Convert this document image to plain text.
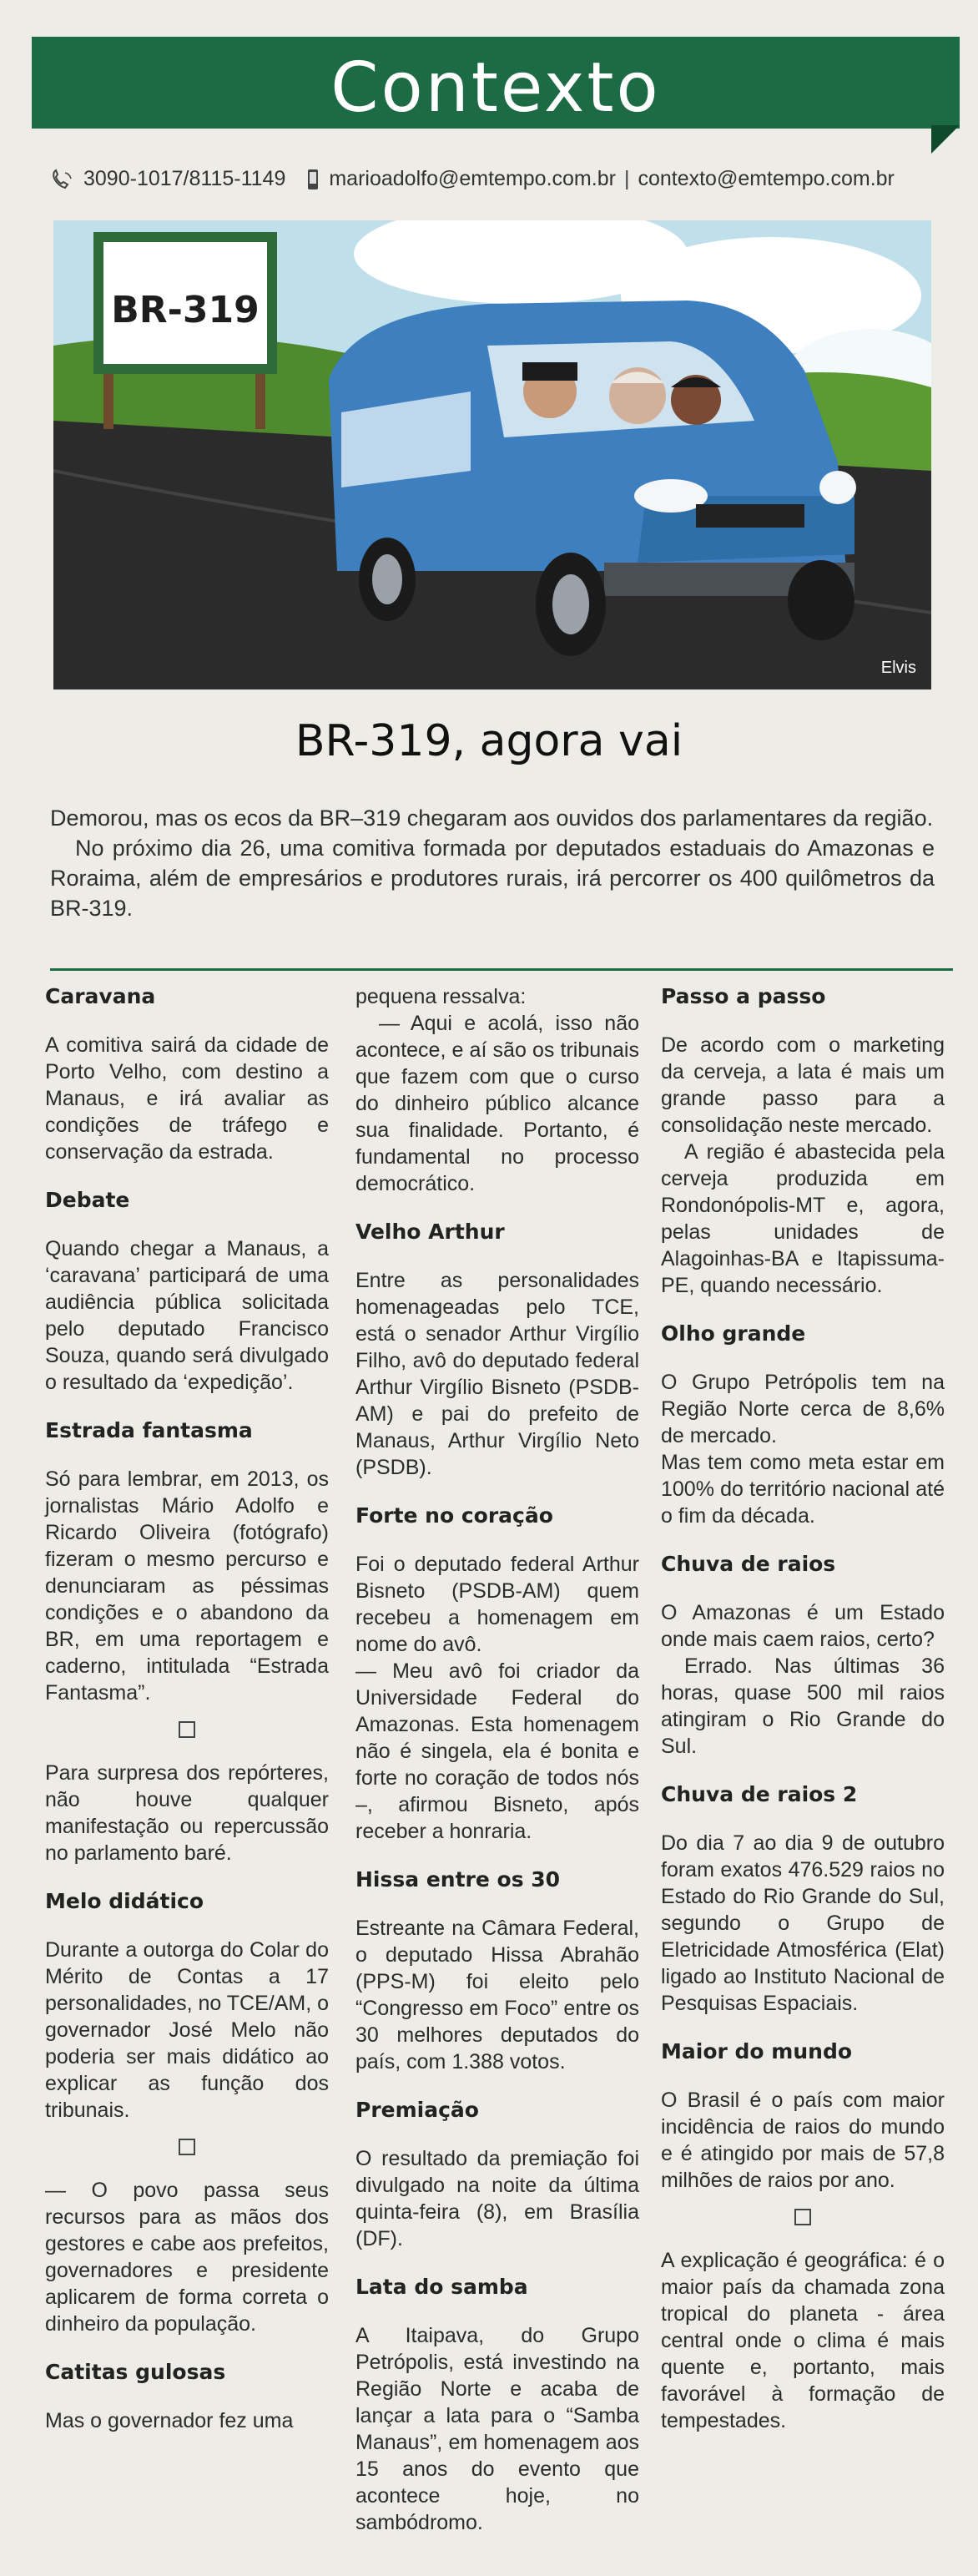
Contexto
3090-1017/8115-1149 marioadolfo@emtempo.com.br | contexto@emtempo.com.br
BR-319
Elvis
BR-319, agora vai

Demorou, mas os ecos da BR–319 chegaram aos ouvidos dos parlamentares da região.

No próximo dia 26, uma comitiva formada por deputados estaduais do Amazonas e Roraima, além de empresários e produtores rurais, irá percorrer os 400 quilômetros da BR-319.

Caravana

A comitiva sairá da cidade de Porto Velho, com destino a Manaus, e irá avaliar as condições de tráfego e conservação da estrada.

Debate

Quando chegar a Manaus, a ‘caravana’ participará de uma audiência pública solicitada pelo deputado Francisco Souza, quando será divulgado o resultado da ‘expedição’.

Estrada fantasma

Só para lembrar, em 2013, os jornalistas Mário Adolfo e Ricardo Oliveira (fotógrafo) fizeram o mesmo percurso e denunciaram as péssimas condições e o abandono da BR, em uma reportagem e caderno, intitulada “Estrada Fantasma”.

Para surpresa dos repórteres, não houve qualquer manifestação ou repercussão no parlamento baré.

Melo didático

Durante a outorga do Colar do Mérito de Contas a 17 personalidades, no TCE/AM, o governador José Melo não poderia ser mais didático ao explicar as função dos tribunais.

— O povo passa seus recursos para as mãos dos gestores e cabe aos prefeitos, governadores e presidente aplicarem de forma correta o dinheiro da população.

Catitas gulosas

Mas o governador fez uma

pequena ressalva:

— Aqui e acolá, isso não acontece, e aí são os tribunais que fazem com que o curso do dinheiro público alcance sua finalidade. Portanto, é fundamental no processo democrático.

Velho Arthur

Entre as personalidades homenageadas pelo TCE, está o senador Arthur Virgílio Filho, avô do deputado federal Arthur Virgílio Bisneto (PSDB-AM) e pai do prefeito de Manaus, Arthur Virgílio Neto (PSDB).

Forte no coração

Foi o deputado federal Arthur Bisneto (PSDB-AM) quem recebeu a homenagem em nome do avô.

— Meu avô foi criador da Universidade Federal do Amazonas. Esta homenagem não é singela, ela é bonita e forte no coração de todos nós –, afirmou Bisneto, após receber a honraria.

Hissa entre os 30

Estreante na Câmara Federal, o deputado Hissa Abrahão (PPS-M) foi eleito pelo “Congresso em Foco” entre os 30 melhores deputados do país, com 1.388 votos.

Premiação

O resultado da premiação foi divulgado na noite da última quinta-feira (8), em Brasília (DF).

Lata do samba

A Itaipava, do Grupo Petrópolis, está investindo na Região Norte e acaba de lançar a lata para o “Samba Manaus”, em homenagem aos 15 anos do evento que acontece hoje, no sambódromo.

Passo a passo

De acordo com o marketing da cerveja, a lata é mais um grande passo para a consolidação neste mercado.

A região é abastecida pela cerveja produzida em Rondonópolis-MT e, agora, pelas unidades de Alagoinhas-BA e Itapissuma-PE, quando necessário.

Olho grande

O Grupo Petrópolis tem na Região Norte cerca de 8,6% de mercado.

Mas tem como meta estar em 100% do território nacional até o fim da década.

Chuva de raios

O Amazonas é um Estado onde mais caem raios, certo?

Errado. Nas últimas 36 horas, quase 500 mil raios atingiram o Rio Grande do Sul.

Chuva de raios 2

Do dia 7 ao dia 9 de outubro foram exatos 476.529 raios no Estado do Rio Grande do Sul, segundo o Grupo de Eletricidade Atmosférica (Elat) ligado ao Instituto Nacional de Pesquisas Espaciais.

Maior do mundo

O Brasil é o país com maior incidência de raios do mundo e é atingido por mais de 57,8 milhões de raios por ano.

A explicação é geográfica: é o maior país da chamada zona tropical do planeta - área central onde o clima é mais quente e, portanto, mais favorável à formação de tempestades.
